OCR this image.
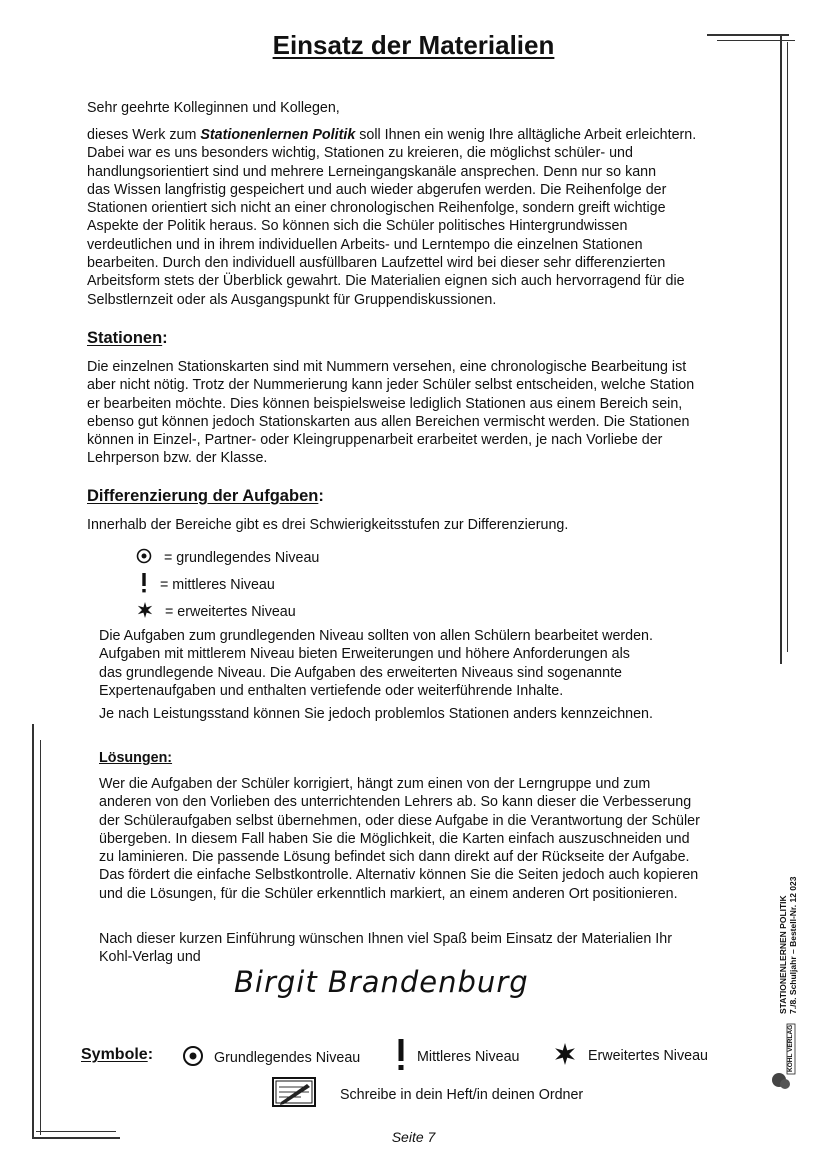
Einsatz der Materialien
Sehr geehrte Kolleginnen und Kollegen,
dieses Werk zum Stationenlernen Politik soll Ihnen ein wenig Ihre alltägliche Arbeit erleichtern.
Dabei war es uns besonders wichtig, Stationen zu kreieren, die möglichst schüler- und
handlungsorientiert sind und mehrere Lerneingangskanäle ansprechen. Denn nur so kann
das Wissen langfristig gespeichert und auch wieder abgerufen werden. Die Reihenfolge der
Stationen orientiert sich nicht an einer chronologischen Reihenfolge, sondern greift wichtige
Aspekte der Politik heraus. So können sich die Schüler politisches Hintergrundwissen
verdeutlichen und in ihrem individuellen Arbeits- und Lerntempo die einzelnen Stationen
bearbeiten. Durch den individuell ausfüllbaren Laufzettel wird bei dieser sehr differenzierten
Arbeitsform stets der Überblick gewahrt. Die Materialien eignen sich auch hervorragend für die
Selbstlernzeit oder als Ausgangspunkt für Gruppendiskussionen.
Stationen:
Die einzelnen Stationskarten sind mit Nummern versehen, eine chronologische Bearbeitung ist
aber nicht nötig. Trotz der Nummerierung kann jeder Schüler selbst entscheiden, welche Station
er bearbeiten möchte. Dies können beispielsweise lediglich Stationen aus einem Bereich sein,
ebenso gut können jedoch Stationskarten aus allen Bereichen vermischt werden. Die Stationen
können in Einzel-, Partner- oder Kleingruppenarbeit erarbeitet werden, je nach Vorliebe der
Lehrperson bzw. der Klasse.
Differenzierung der Aufgaben:
Innerhalb der Bereiche gibt es drei Schwierigkeitsstufen zur Differenzierung.
= grundlegendes Niveau
= mittleres Niveau
= erweitertes Niveau
Die Aufgaben zum grundlegenden Niveau sollten von allen Schülern bearbeitet werden.
Aufgaben mit mittlerem Niveau bieten Erweiterungen und höhere Anforderungen als
das grundlegende Niveau. Die Aufgaben des erweiterten Niveaus sind sogenannte
Expertenaufgaben und enthalten vertiefende oder weiterführende Inhalte.
Je nach Leistungsstand können Sie jedoch problemlos Stationen anders kennzeichnen.
Lösungen:
Wer die Aufgaben der Schüler korrigiert, hängt zum einen von der Lerngruppe und zum
anderen von den Vorlieben des unterrichtenden Lehrers ab. So kann dieser die Verbesserung
der Schüleraufgaben selbst übernehmen, oder diese Aufgabe in die Verantwortung der Schüler
übergeben. In diesem Fall haben Sie die Möglichkeit, die Karten einfach auszuschneiden und
zu laminieren. Die passende Lösung befindet sich dann direkt auf der Rückseite der Aufgabe.
Das fördert die einfache Selbstkontrolle. Alternativ können Sie die Seiten jedoch auch kopieren
und die Lösungen, für die Schüler erkenntlich markiert, an einem anderen Ort positionieren.
Nach dieser kurzen Einführung wünschen Ihnen viel Spaß beim Einsatz der Materialien Ihr
Kohl-Verlag und
Birgit Brandenburg
Symbole:	Grundlegendes Niveau	Mittleres Niveau	Erweitertes Niveau
Schreibe in dein Heft/in deinen Ordner
STATIONENLERNEN POLITIK 7./8. Schuljahr – Bestell-Nr. 12 023
KOHL VERLAG
Seite 7
